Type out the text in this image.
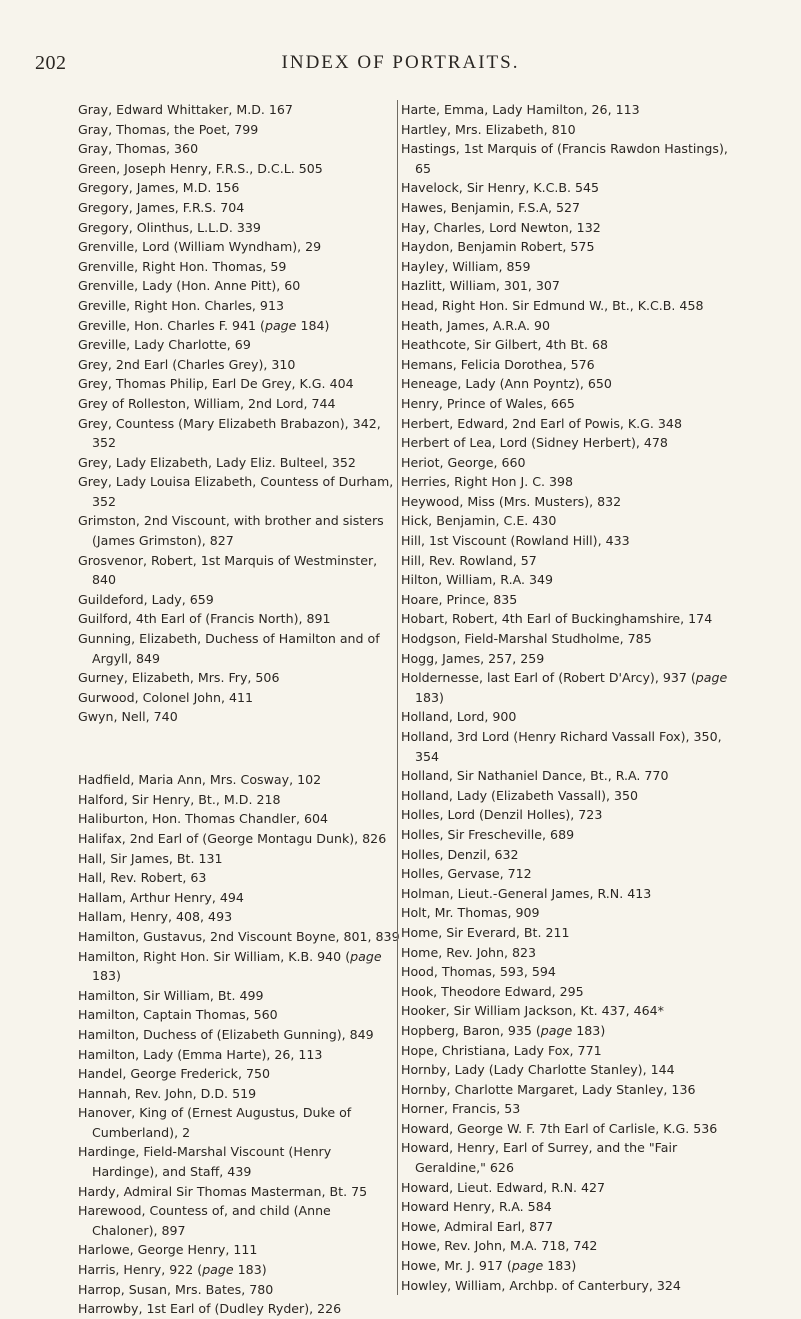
202	INDEX OF PORTRAITS.

Gray, Edward Whittaker, M.D. 167

Gray, Thomas, the Poet, 799

Gray, Thomas, 360

Green, Joseph Henry, F.R.S., D.C.L. 505

Gregory, James, M.D. 156

Gregory, James, F.R.S. 704

Gregory, Olinthus, L.L.D. 339

Grenville, Lord (William Wyndham), 29

Grenville, Right Hon. Thomas, 59

Grenville, Lady (Hon. Anne Pitt), 60

Greville, Right Hon. Charles, 913

Greville, Hon. Charles F. 941 (page 184)

Greville, Lady Charlotte, 69

Grey, 2nd Earl (Charles Grey), 310

Grey, Thomas Philip, Earl De Grey, K.G. 404

Grey of Rolleston, William, 2nd Lord, 744

Grey, Countess (Mary Elizabeth Brabazon), 342, 352

Grey, Lady Elizabeth, Lady Eliz. Bulteel, 352

Grey, Lady Louisa Elizabeth, Countess of Durham, 352

Grimston, 2nd Viscount, with brother and sisters (James Grimston), 827

Grosvenor, Robert, 1st Marquis of Westminster, 840

Guildeford, Lady, 659

Guilford, 4th Earl of (Francis North), 891

Gunning, Elizabeth, Duchess of Hamilton and of Argyll, 849

Gurney, Elizabeth, Mrs. Fry, 506

Gurwood, Colonel John, 411

Gwyn, Nell, 740

Hadfield, Maria Ann, Mrs. Cosway, 102

Halford, Sir Henry, Bt., M.D. 218

Haliburton, Hon. Thomas Chandler, 604

Halifax, 2nd Earl of (George Montagu Dunk), 826

Hall, Sir James, Bt. 131

Hall, Rev. Robert, 63

Hallam, Arthur Henry, 494

Hallam, Henry, 408, 493

Hamilton, Gustavus, 2nd Viscount Boyne, 801, 839

Hamilton, Right Hon. Sir William, K.B. 940 (page 183)

Hamilton, Sir William, Bt. 499

Hamilton, Captain Thomas, 560

Hamilton, Duchess of (Elizabeth Gunning), 849

Hamilton, Lady (Emma Harte), 26, 113

Handel, George Frederick, 750

Hannah, Rev. John, D.D. 519

Hanover, King of (Ernest Augustus, Duke of Cumberland), 2

Hardinge, Field-Marshal Viscount (Henry Hardinge), and Staff, 439

Hardy, Admiral Sir Thomas Masterman, Bt. 75

Harewood, Countess of, and child (Anne Chaloner), 897

Harlowe, George Henry, 111

Harris, Henry, 922 (page 183)

Harrop, Susan, Mrs. Bates, 780

Harrowby, 1st Earl of (Dudley Ryder), 226

Harte, Emma, Lady Hamilton, 26, 113

Hartley, Mrs. Elizabeth, 810

Hastings, 1st Marquis of (Francis Rawdon Hastings), 65

Havelock, Sir Henry, K.C.B. 545

Hawes, Benjamin, F.S.A, 527

Hay, Charles, Lord Newton, 132

Haydon, Benjamin Robert, 575

Hayley, William, 859

Hazlitt, William, 301, 307

Head, Right Hon. Sir Edmund W., Bt., K.C.B. 458

Heath, James, A.R.A. 90

Heathcote, Sir Gilbert, 4th Bt. 68

Hemans, Felicia Dorothea, 576

Heneage, Lady (Ann Poyntz), 650

Henry, Prince of Wales, 665

Herbert, Edward, 2nd Earl of Powis, K.G. 348

Herbert of Lea, Lord (Sidney Herbert), 478

Heriot, George, 660

Herries, Right Hon J. C. 398

Heywood, Miss (Mrs. Musters), 832

Hick, Benjamin, C.E. 430

Hill, 1st Viscount (Rowland Hill), 433

Hill, Rev. Rowland, 57

Hilton, William, R.A. 349

Hoare, Prince, 835

Hobart, Robert, 4th Earl of Buckinghamshire, 174

Hodgson, Field-Marshal Studholme, 785

Hogg, James, 257, 259

Holdernesse, last Earl of (Robert D'Arcy), 937 (page 183)

Holland, Lord, 900

Holland, 3rd Lord (Henry Richard Vassall Fox), 350, 354

Holland, Sir Nathaniel Dance, Bt., R.A. 770

Holland, Lady (Elizabeth Vassall), 350

Holles, Lord (Denzil Holles), 723

Holles, Sir Frescheville, 689

Holles, Denzil, 632

Holles, Gervase, 712

Holman, Lieut.-General James, R.N. 413

Holt, Mr. Thomas, 909

Home, Sir Everard, Bt. 211

Home, Rev. John, 823

Hood, Thomas, 593, 594

Hook, Theodore Edward, 295

Hooker, Sir William Jackson, Kt. 437, 464*

Hopberg, Baron, 935 (page 183)

Hope, Christiana, Lady Fox, 771

Hornby, Lady (Lady Charlotte Stanley), 144

Hornby, Charlotte Margaret, Lady Stanley, 136

Horner, Francis, 53

Howard, George W. F. 7th Earl of Carlisle, K.G. 536

Howard, Henry, Earl of Surrey, and the "Fair Geraldine," 626

Howard, Lieut. Edward, R.N. 427

Howard Henry, R.A. 584

Howe, Admiral Earl, 877

Howe, Rev. John, M.A. 718, 742

Howe, Mr. J. 917 (page 183)

Howley, William, Archbp. of Canterbury, 324
